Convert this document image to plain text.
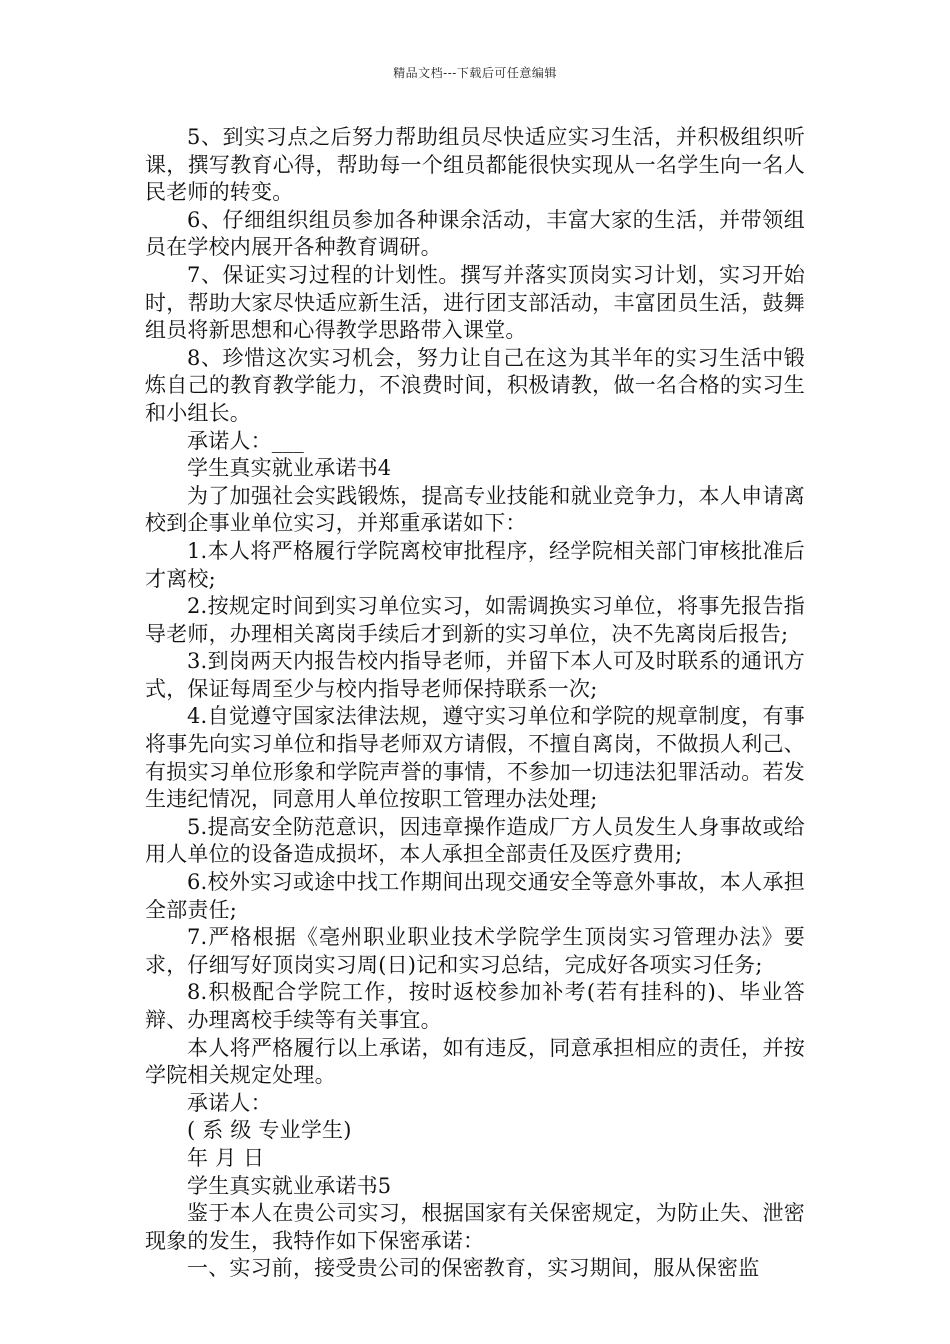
精品文档---下载后可任意编辑

5、到实习点之后努力帮助组员尽快适应实习生活，并积极组织听课，撰写教育心得，帮助每一个组员都能很快实现从一名学生向一名人民老师的转变。

6、仔细组织组员参加各种课余活动，丰富大家的生活，并带领组员在学校内展开各种教育调研。

7、保证实习过程的计划性。撰写并落实顶岗实习计划，实习开始时，帮助大家尽快适应新生活，进行团支部活动，丰富团员生活，鼓舞组员将新思想和心得教学思路带入课堂。

8、珍惜这次实习机会，努力让自己在这为其半年的实习生活中锻炼自己的教育教学能力，不浪费时间，积极请教，做一名合格的实习生和小组长。

承诺人：___

学生真实就业承诺书4

为了加强社会实践锻炼，提高专业技能和就业竞争力，本人申请离校到企事业单位实习，并郑重承诺如下：

1.本人将严格履行学院离校审批程序，经学院相关部门审核批准后才离校;

2.按规定时间到实习单位实习，如需调换实习单位，将事先报告指导老师，办理相关离岗手续后才到新的实习单位，决不先离岗后报告;

3.到岗两天内报告校内指导老师，并留下本人可及时联系的通讯方式，保证每周至少与校内指导老师保持联系一次;

4.自觉遵守国家法律法规，遵守实习单位和学院的规章制度，有事将事先向实习单位和指导老师双方请假，不擅自离岗，不做损人利己、有损实习单位形象和学院声誉的事情，不参加一切违法犯罪活动。若发生违纪情况，同意用人单位按职工管理办法处理;

5.提高安全防范意识，因违章操作造成厂方人员发生人身事故或给用人单位的设备造成损坏，本人承担全部责任及医疗费用;

6.校外实习或途中找工作期间出现交通安全等意外事故，本人承担全部责任;

7.严格根据《亳州职业职业技术学院学生顶岗实习管理办法》要求，仔细写好顶岗实习周(日)记和实习总结，完成好各项实习任务;

8.积极配合学院工作，按时返校参加补考(若有挂科的)、毕业答辩、办理离校手续等有关事宜。

本人将严格履行以上承诺，如有违反，同意承担相应的责任，并按学院相关规定处理。

承诺人：

( 系 级 专业学生)

年 月 日

学生真实就业承诺书5

鉴于本人在贵公司实习，根据国家有关保密规定，为防止失、泄密现象的发生，我特作如下保密承诺：

一、实习前，接受贵公司的保密教育，实习期间，服从保密监
